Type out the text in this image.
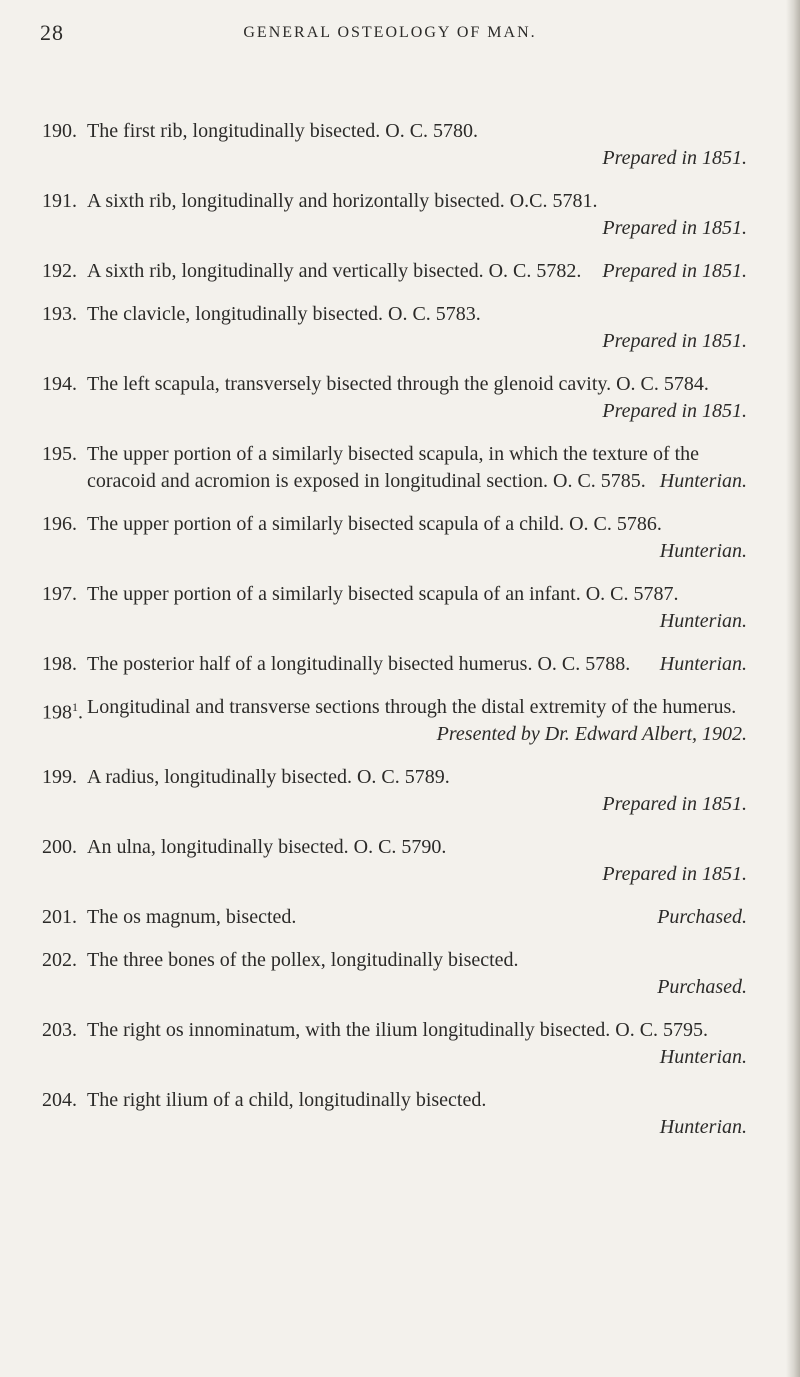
28	GENERAL OSTEOLOGY OF MAN.
190. The first rib, longitudinally bisected. O. C. 5780.
Prepared in 1851.
191. A sixth rib, longitudinally and horizontally bisected. O.C. 5781.
Prepared in 1851.
192. A sixth rib, longitudinally and vertically bisected. O. C. 5782. Prepared in 1851.
193. The clavicle, longitudinally bisected. O. C. 5783.
Prepared in 1851.
194. The left scapula, transversely bisected through the glenoid cavity. O. C. 5784.
Prepared in 1851.
195. The upper portion of a similarly bisected scapula, in which the texture of the coracoid and acromion is exposed in longitudinal section. O. C. 5785. Hunterian.
196. The upper portion of a similarly bisected scapula of a child. O. C. 5786.
Hunterian.
197. The upper portion of a similarly bisected scapula of an infant. O. C. 5787.
Hunterian.
198. The posterior half of a longitudinally bisected humerus. O. C. 5788. Hunterian.
$198^1$. Longitudinal and transverse sections through the distal extremity of the humerus.
Presented by Dr. Edward Albert, 1902.
199. A radius, longitudinally bisected. O. C. 5789.
Prepared in 1851.
200. An ulna, longitudinally bisected. O. C. 5790.
Prepared in 1851.
201. The os magnum, bisected.	Purchased.
202. The three bones of the pollex, longitudinally bisected.
Purchased.
203. The right os innominatum, with the ilium longitudinally bisected. O. C. 5795.
Hunterian.
204. The right ilium of a child, longitudinally bisected.
Hunterian.
